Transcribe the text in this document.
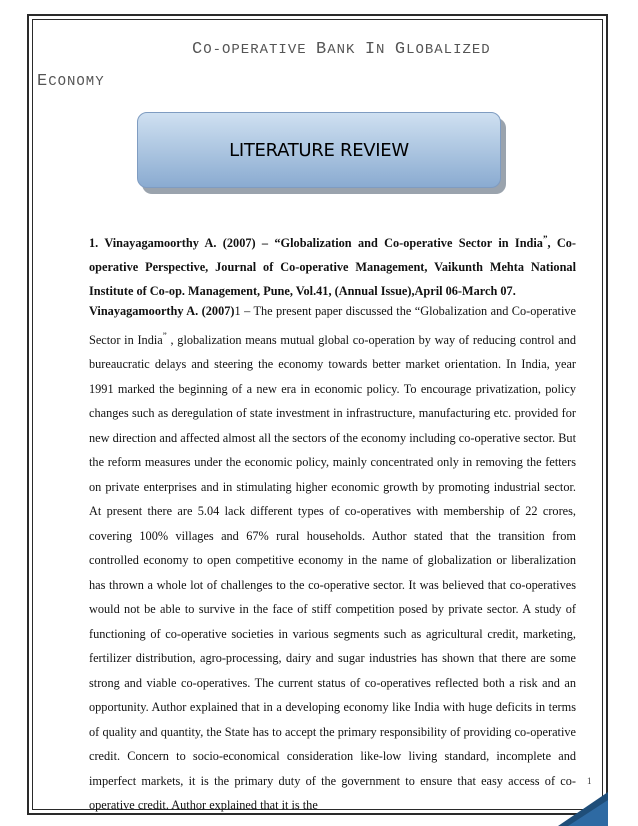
CO-OPERATIVE BANK IN GLOBALIZED
ECONOMY
LITERATURE REVIEW
1. Vinayagamoorthy A. (2007) – “Globalization and Co-operative Sector in India”, Co-operative Perspective, Journal of Co-operative Management, Vaikunth Mehta National Institute of Co-op. Management, Pune, Vol.41, (Annual Issue),April 06-March 07.
Vinayagamoorthy A. (2007)1 – The present paper discussed the “Globalization and Co-operative Sector in India” , globalization means mutual global co-operation by way of reducing control and bureaucratic delays and steering the economy towards better market orientation. In India, year 1991 marked the beginning of a new era in economic policy. To encourage privatization, policy changes such as deregulation of state investment in infrastructure, manufacturing etc. provided for new direction and affected almost all the sectors of the economy including co-operative sector. But the reform measures under the economic policy, mainly concentrated only in removing the fetters on private enterprises and in stimulating higher economic growth by promoting industrial sector. At present there are 5.04 lack different types of co-operatives with membership of 22 crores, covering 100% villages and 67% rural households. Author stated that the transition from controlled economy to open competitive economy in the name of globalization or liberalization has thrown a whole lot of challenges to the co-operative sector. It was believed that co-operatives would not be able to survive in the face of stiff competition posed by private sector. A study of functioning of co-operative societies in various segments such as agricultural credit, marketing, fertilizer distribution, agro-processing, dairy and sugar industries has shown that there are some strong and viable co-operatives. The current status of co-operatives reflected both a risk and an opportunity. Author explained that in a developing economy like India with huge deficits in terms of quality and quantity, the State has to accept the primary responsibility of providing co-operative credit. Concern to socio-economical consideration like-low living standard, incomplete and imperfect markets, it is the primary duty of the government to ensure that easy access of co-operative credit. Author explained that it is the
1
